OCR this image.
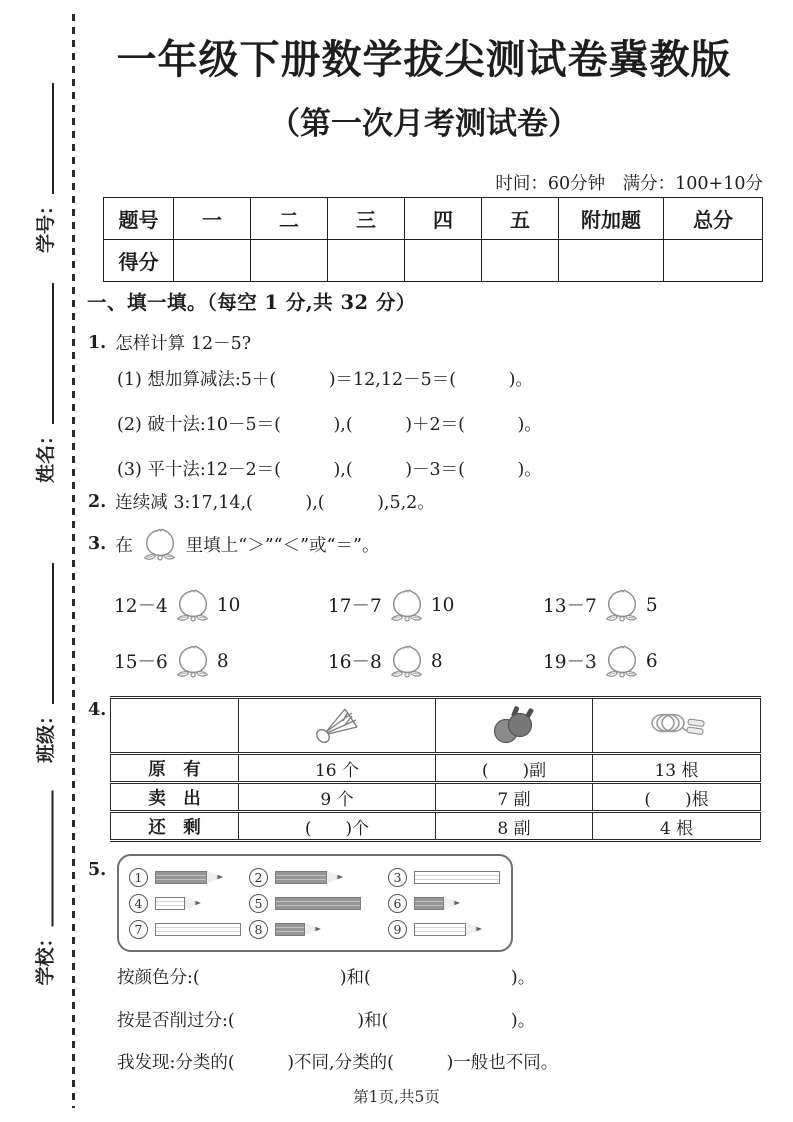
学号：
姓名：
班级：
学校：
一年级下册数学拔尖测试卷冀教版
（第一次月考测试卷）
时间：60分钟　满分：100+10分
题号	一	二	三	四	五	附加题	总分
得分							
一、填一填。（每空 1 分,共 32 分）
1. 怎样计算 12－5?
(1) 想加算减法:5＋(　　　)＝12,12－5＝(　　　)。
(2) 破十法:10－5＝(　　　),(　　　)＋2＝(　　　)。
(3) 平十法:12－2＝(　　　),(　　　)－3＝(　　　)。
2. 连续减 3:17,14,(　　　),(　　　),5,2。
3. 在	里填上“＞”“＜”或“＝”。
12－4	10	17－7	10	13－7	5
15－6	8	16－8	8	19－3	6
4.

原　有	16 个	(　　)副	13 根
卖　出	9 个	7 副	(　　)根
还　剩	(　　)个	8 副	4 根
5.	1	2	3
4	5	6
7	8	9
按颜色分:(　　　　　　　　)和(　　　　　　　　)。
按是否削过分:(　　　　　　　)和(　　　　　　　)。
我发现:分类的(　　　)不同,分类的(　　　)一般也不同。
第1页,共5页
